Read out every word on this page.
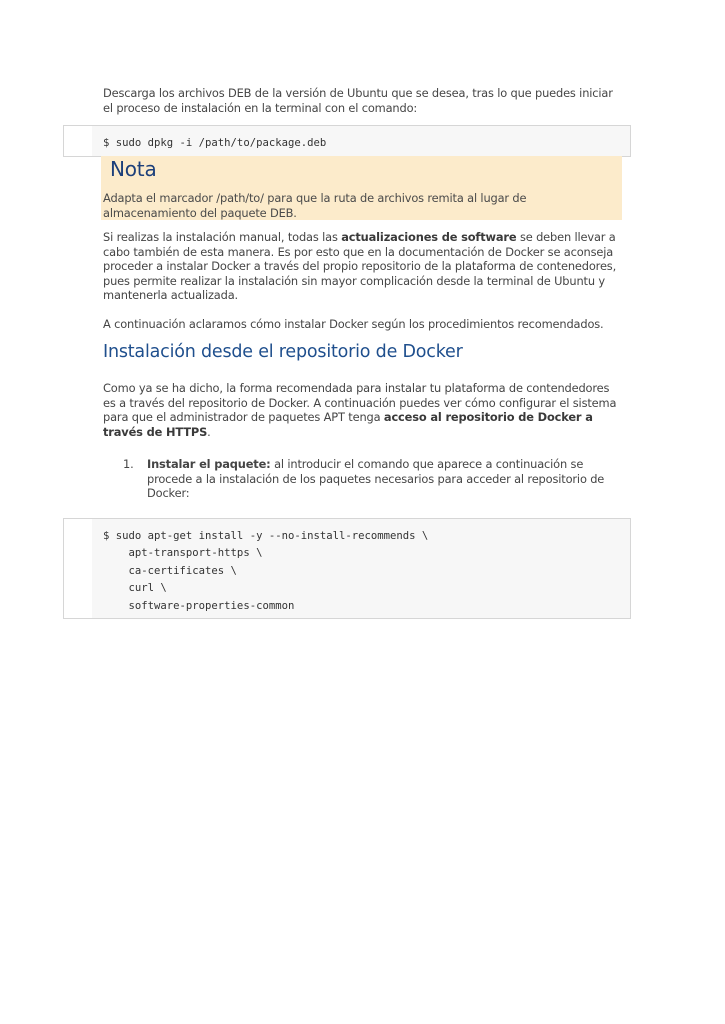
Descarga los archivos DEB de la versión de Ubuntu que se desea, tras lo que puedes iniciar el proceso de instalación en la terminal con el comando:

$ sudo dpkg -i /path/to/package.deb
Nota
Adapta el marcador /path/to/ para que la ruta de archivos remita al lugar de almacenamiento del paquete DEB.

Si realizas la instalación manual, todas las actualizaciones de software se deben llevar a cabo también de esta manera. Es por esto que en la documentación de Docker se aconseja proceder a instalar Docker a través del propio repositorio de la plataforma de contenedores, pues permite realizar la instalación sin mayor complicación desde la terminal de Ubuntu y mantenerla actualizada.

A continuación aclaramos cómo instalar Docker según los procedimientos recomendados.

Instalación desde el repositorio de Docker

Como ya se ha dicho, la forma recomendada para instalar tu plataforma de contendedores es a través del repositorio de Docker. A continuación puedes ver cómo configurar el sistema para que el administrador de paquetes APT tenga acceso al repositorio de Docker a través de HTTPS.

1. Instalar el paquete: al introducir el comando que aparece a continuación se procede a la instalación de los paquetes necesarios para acceder al repositorio de Docker:
$ sudo apt-get install -y --no-install-recommends \
apt-transport-https \
ca-certificates \
curl \
software-properties-common
